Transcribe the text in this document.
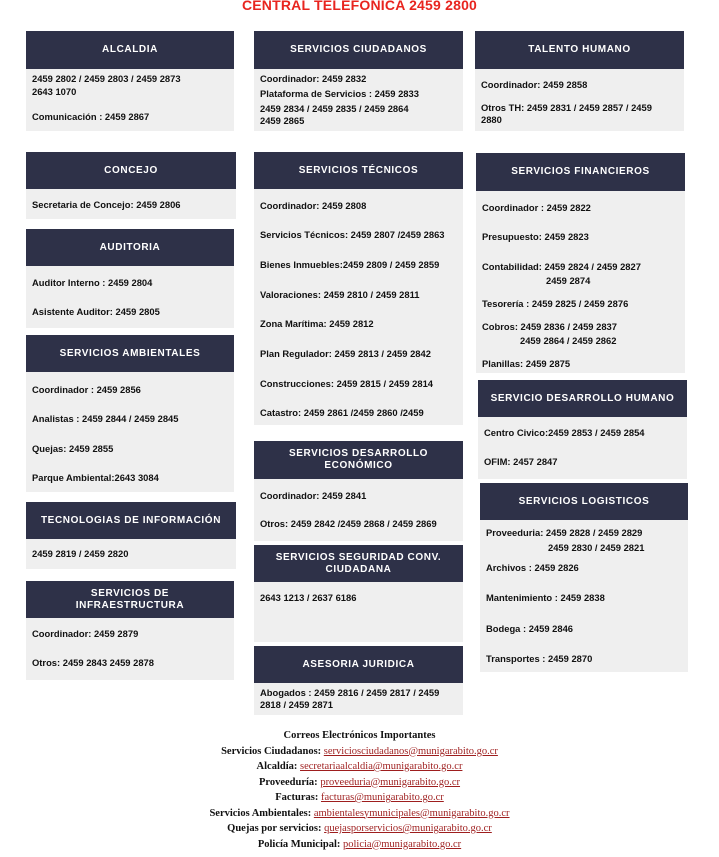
CENTRAL TELEFONICA 2459 2800
ALCALDIA
2459 2802 / 2459 2803 / 2459 2873
2643 1070
Comunicación : 2459 2867
CONCEJO
Secretaria de Concejo: 2459 2806
AUDITORIA
Auditor Interno : 2459 2804
Asistente Auditor: 2459 2805
SERVICIOS AMBIENTALES
Coordinador : 2459 2856
Analistas : 2459 2844 / 2459 2845
Quejas: 2459 2855
Parque Ambiental:2643 3084
TECNOLOGIAS DE INFORMACIÓN
2459 2819 / 2459 2820
SERVICIOS DE
INFRAESTRUCTURA
Coordinador: 2459 2879
Otros: 2459 2843 2459 2878
SERVICIOS CIUDADANOS
Coordinador: 2459 2832
Plataforma de Servicios : 2459 2833
2459 2834 / 2459 2835 / 2459 2864
2459 2865
SERVICIOS TÉCNICOS
Coordinador: 2459 2808
Servicios Técnicos: 2459 2807 /2459 2863
Bienes Inmuebles:2459 2809 / 2459 2859
Valoraciones: 2459 2810 / 2459 2811
Zona Marítima: 2459 2812
Plan Regulador: 2459 2813 / 2459 2842
Construcciones: 2459 2815 / 2459 2814
Catastro: 2459 2861 /2459 2860 /2459
SERVICIOS DESARROLLO
ECONÓMICO
Coordinador: 2459 2841
Otros: 2459 2842 /2459 2868 / 2459 2869
SERVICIOS SEGURIDAD CONV.
CIUDADANA
2643 1213 / 2637 6186
ASESORIA JURIDICA
Abogados : 2459 2816 / 2459 2817 / 2459
2818 / 2459 2871
TALENTO HUMANO
Coordinador: 2459 2858
Otros TH: 2459 2831 / 2459 2857 / 2459
2880
SERVICIOS FINANCIEROS
Coordinador : 2459 2822
Presupuesto: 2459 2823
Contabilidad: 2459 2824 / 2459 2827
2459 2874
Tesorería : 2459 2825 / 2459 2876
Cobros: 2459 2836 / 2459 2837
2459 2864 / 2459 2862
Planillas: 2459 2875
SERVICIO DESARROLLO HUMANO
Centro Civico:2459 2853 / 2459 2854
OFIM: 2457 2847
SERVICIOS LOGISTICOS
Proveeduria: 2459 2828 / 2459 2829
2459 2830 / 2459 2821
Archivos : 2459 2826
Mantenimiento : 2459 2838
Bodega : 2459 2846
Transportes : 2459 2870
Correos Electrónicos Importantes
Servicios Ciudadanos: serviciosciudadanos@munigarabito.go.cr
Alcaldía: secretariaalcaldia@munigarabito.go.cr
Proveeduría: proveeduria@munigarabito.go.cr
Facturas: facturas@munigarabito.go.cr
Servicios Ambientales: ambientalesymunicipales@munigarabito.go.cr
Quejas por servicios: quejasporservicios@munigarabito.go.cr
Policía Municipal: policia@munigarabito.go.cr
